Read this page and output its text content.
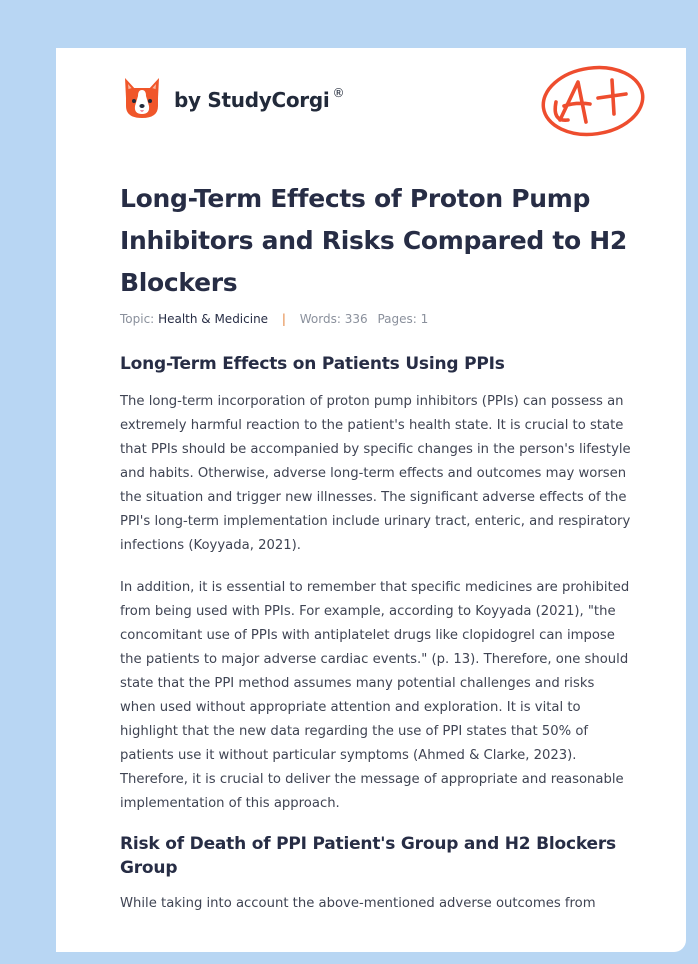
by StudyCorgi ®
Long-Term Effects of Proton Pump Inhibitors and Risks Compared to H2 Blockers
Topic: Health & Medicine | Words: 336 Pages: 1
Long-Term Effects on Patients Using PPIs

The long-term incorporation of proton pump inhibitors (PPIs) can possess an extremely harmful reaction to the patient's health state. It is crucial to state that PPIs should be accompanied by specific changes in the person's lifestyle and habits. Otherwise, adverse long-term effects and outcomes may worsen the situation and trigger new illnesses. The significant adverse effects of the PPI's long-term implementation include urinary tract, enteric, and respiratory infections (Koyyada, 2021).

In addition, it is essential to remember that specific medicines are prohibited from being used with PPIs. For example, according to Koyyada (2021), "the concomitant use of PPIs with antiplatelet drugs like clopidogrel can impose the patients to major adverse cardiac events." (p. 13). Therefore, one should state that the PPI method assumes many potential challenges and risks when used without appropriate attention and exploration. It is vital to highlight that the new data regarding the use of PPI states that 50% of patients use it without particular symptoms (Ahmed & Clarke, 2023). Therefore, it is crucial to deliver the message of appropriate and reasonable implementation of this approach.

Risk of Death of PPI Patient's Group and H2 Blockers Group

While taking into account the above-mentioned adverse outcomes from
